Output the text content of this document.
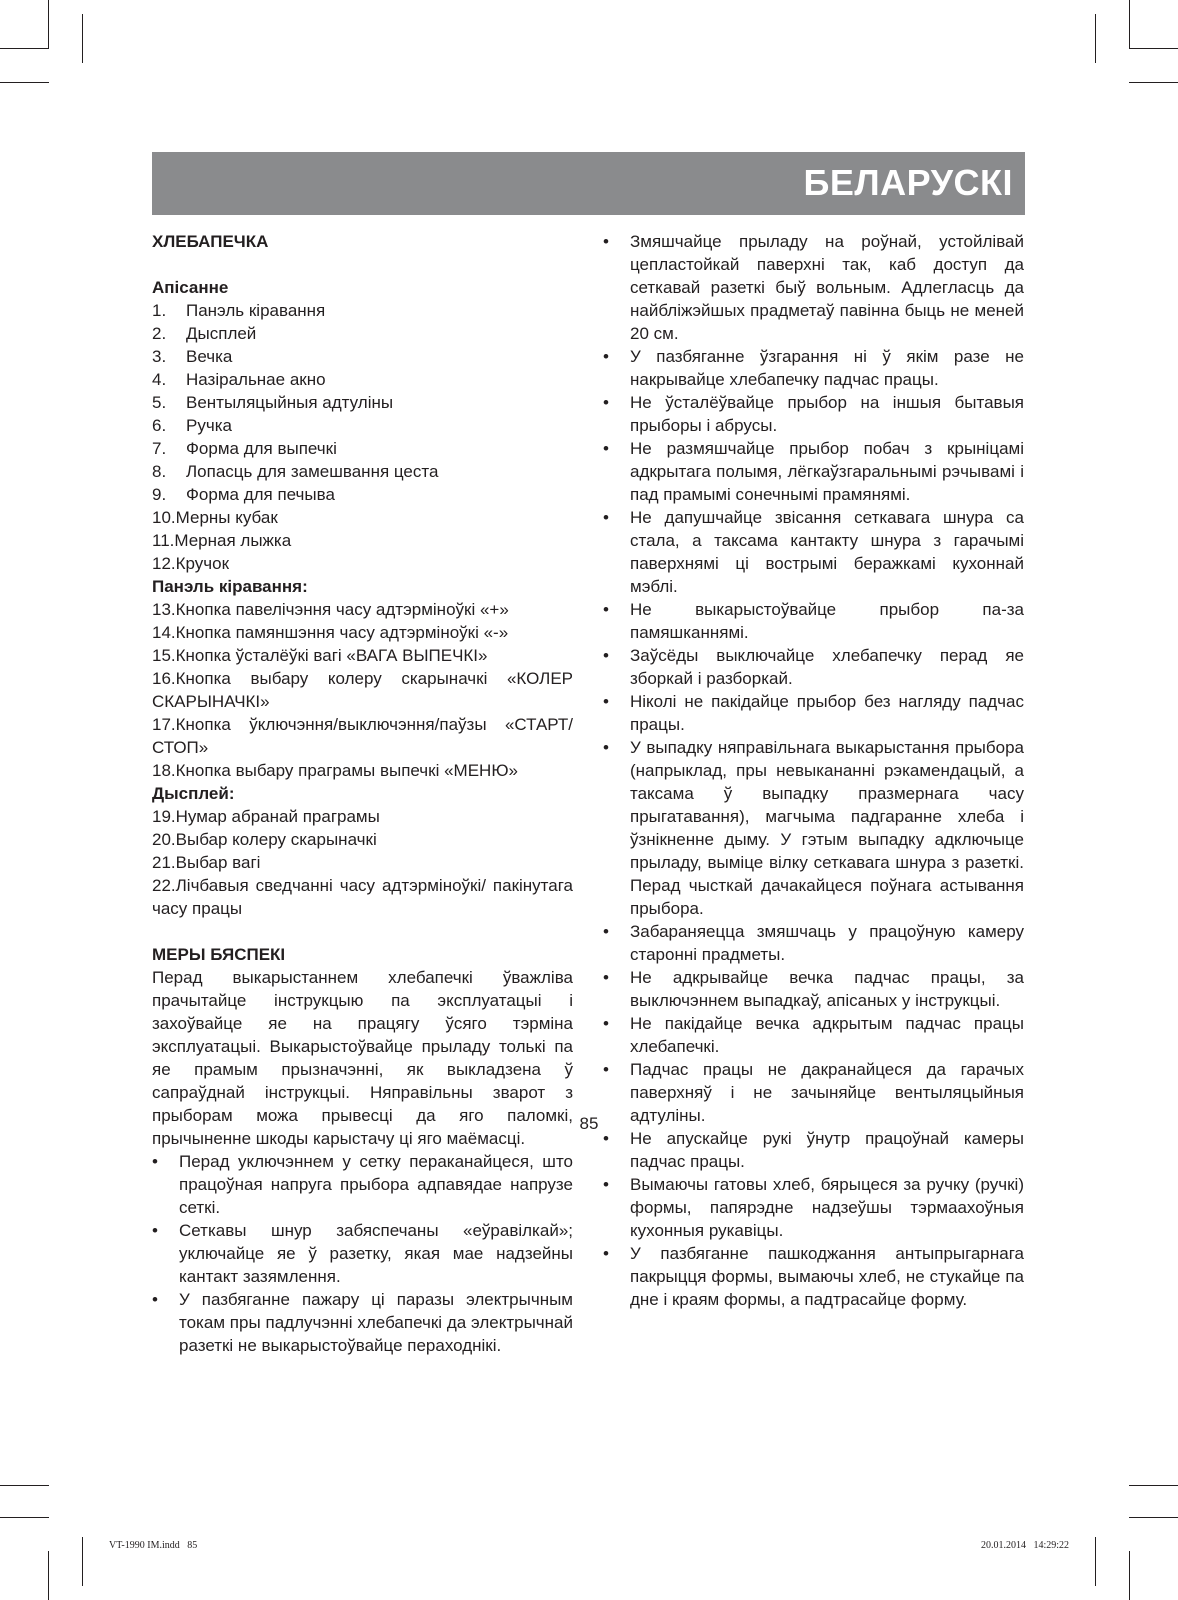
БЕЛАРУСКІ

ХЛЕБАПЕЧКА

Апісанне

1.	Панэль кіравання
2.	Дысплей
3.	Вечка
4.	Назіральнае акно
5.	Вентыляцыйныя адтуліны
6.	Ручка
7.	Форма для выпечкі
8.	Лопасць для замешвання цеста
9.	Форма для печыва
10. Мерны кубак
11. Мерная лыжка
12. Кручок

Панэль кіравання:

13.Кнопка павелічэння часу адтэрміноўкі «+»

14.Кнопка памяншэння часу адтэрміноўкі «-»

15.Кнопка ўсталёўкі вагі «ВАГА ВЫПЕЧКІ»

16.Кнопка выбару колеру скарыначкі «КОЛЕР СКАРЫНАЧКІ»

17.Кнопка ўключэння/выключэння/паўзы «СТАРТ/СТОП»

18.Кнопка выбару праграмы выпечкі «МЕНЮ»

Дысплей:

19.Нумар абранай праграмы

20.Выбар колеру скарыначкі

21.Выбар вагі

22.Лічбавыя сведчанні часу адтэрміноўкі/ пакінутага часу працы

МЕРЫ БЯСПЕКІ

Перад выкарыстаннем хлебапечкі ўважліва прачытайце інструкцыю па эксплуатацыі і захоўвайце яе на працягу ўсяго тэрміна эксплуатацыі. Выкарыстоўвайце прыладу толькі па яе прамым прызначэнні, як выкладзена ў сапраўднай інструкцыі. Няправільны зварот з прыборам можа прывесці да яго паломкі, прычыненне шкоды карыстачу ці яго маёмасці.

•	Перад уключэннем у сетку пераканайцеся, што працоўная напруга прыбора адпавядае напрузе сеткі.
•	Сеткавы шнур забяспечаны «еўравілкай»; уключайце яе ў разетку, якая мае надзейны кантакт зазямлення.
•	У пазбяганне пажару ці паразы электрычным токам пры падлучэнні хлебапечкі да электрычнай разеткі не выкарыстоўвайце пераходнікі.
•	Змяшчайце прыладу на роўнай, устойлівай цеплаcтойкай паверхні так, каб доступ да сеткавай разеткі быў вольным. Адлегласць да найбліжэйшых прадметаў павінна быць не меней 20 см.
•	У пазбяганне ўзгарання ні ў якім разе не накрывайце хлебапечку падчас працы.
•	Не ўсталёўвайце прыбор на іншыя бытавыя прыборы і абрусы.
•	Не размяшчайце прыбор побач з крыніцамі адкрытага полымя, лёгкаўзгаральнымі рэчывамі і пад прамымі сонечнымі прамянямі.
•	Не дапушчайце звісання сеткавага шнура са стала, а таксама кантакту шнура з гарачымі паверхнямі ці вострымі беражкамі кухоннай мэблі.
•	Не выкарыстоўвайце прыбор па-за памяшканнямі.
•	Заўсёды выключайце хлебапечку перад яе зборкай і разборкай.
•	Ніколі не пакідайце прыбор без нагляду падчас працы.
•	У выпадку няправільнага выкарыстання прыбора (напрыклад, пры невыкананні рэкамендацый, а таксама ў выпадку празмернага часу прыгатавання), магчыма падгаранне хлеба і ўзнікненне дыму. У гэтым выпадку адключыце прыладу, выміце вілку сеткавага шнура з разеткі. Перад чысткай дачакайцеся поўнага астывання прыбора.
•	Забараняецца змяшчаць у працоўную камеру старонні прадметы.
•	Не адкрывайце вечка падчас працы, за выключэннем выпадкаў, апісаных у інструкцыі.
•	Не пакідайце вечка адкрытым падчас працы хлебапечкі.
•	Падчас працы не дакранайцеся да гарачых паверхняў і не зачыняйце вентыляцыйныя адтуліны.
•	Не апускайце рукі ўнутр працоўнай камеры падчас працы.
•	Вымаючы гатовы хлеб, бярыцеся за ручку (ручкі) формы, папярэдне надзеўшы тэрмаахоўныя кухонныя рукавіцы.
•	У пазбяганне пашкоджання антыпрыгарнага пакрыцця формы, вымаючы хлеб, не стукайце па дне і краям формы, а падтрасайце форму.
85
VT-1990 IM.indd   85	20.01.2014   14:29:22
